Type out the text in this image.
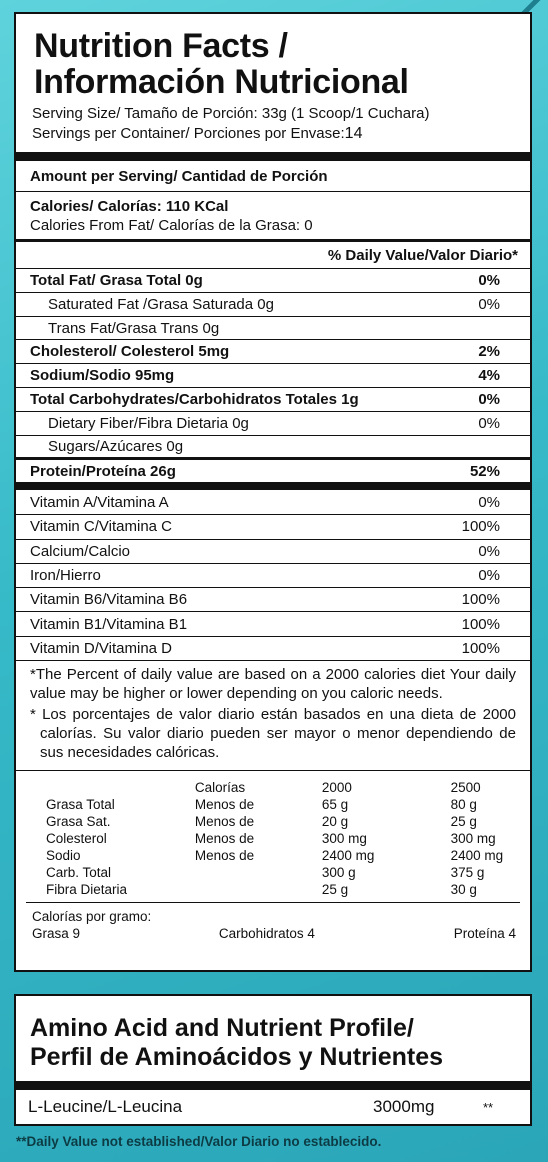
Nutrition Facts /
Información Nutricional
Serving Size/ Tamaño de Porción: 33g (1 Scoop/1 Cuchara)
Servings per Container/ Porciones por Envase:14
Amount per Serving/ Cantidad de Porción
Calories/ Calorías: 110 KCal
Calories From Fat/ Calorías de la Grasa: 0
% Daily Value/Valor Diario*
Total Fat/ Grasa Total 0g	0%
Saturated Fat /Grasa Saturada 0g	0%
Trans Fat/Grasa Trans 0g
Cholesterol/ Colesterol 5mg	2%
Sodium/Sodio 95mg	4%
Total Carbohydrates/Carbohidratos Totales 1g	0%
Dietary Fiber/Fibra Dietaria 0g	0%
Sugars/Azúcares 0g
Protein/Proteína 26g	52%
Vitamin A/Vitamina A	0%
Vitamin C/Vitamina C	100%
Calcium/Calcio	0%
Iron/Hierro	0%
Vitamin B6/Vitamina B6	100%
Vitamin B1/Vitamina B1	100%
Vitamin D/Vitamina D	100%

*The Percent of daily value are based on a 2000 calories diet Your daily value may be higher or lower depending on you caloric needs.

* Los porcentajes de valor diario están basados en una dieta de 2000 calorías. Su valor diario pueden ser mayor o menor dependiendo de sus necesidades calóricas.

	Calorías	2000	2500
Grasa Total	Menos de	65 g	80 g
Grasa Sat.	Menos de	20 g	25 g
Colesterol	Menos de	300 mg	300 mg
Sodio	Menos de	2400 mg	2400 mg
Carb. Total		300 g	375 g
Fibra Dietaria		25 g	30 g
Calorías por gramo:
Grasa 9	Carbohidratos 4	Proteína 4
Amino Acid and Nutrient Profile/
Perfil de Aminoácidos y Nutrientes
L-Leucine/L-Leucina	3000mg	**
**Daily Value not established/Valor Diario no establecido.
